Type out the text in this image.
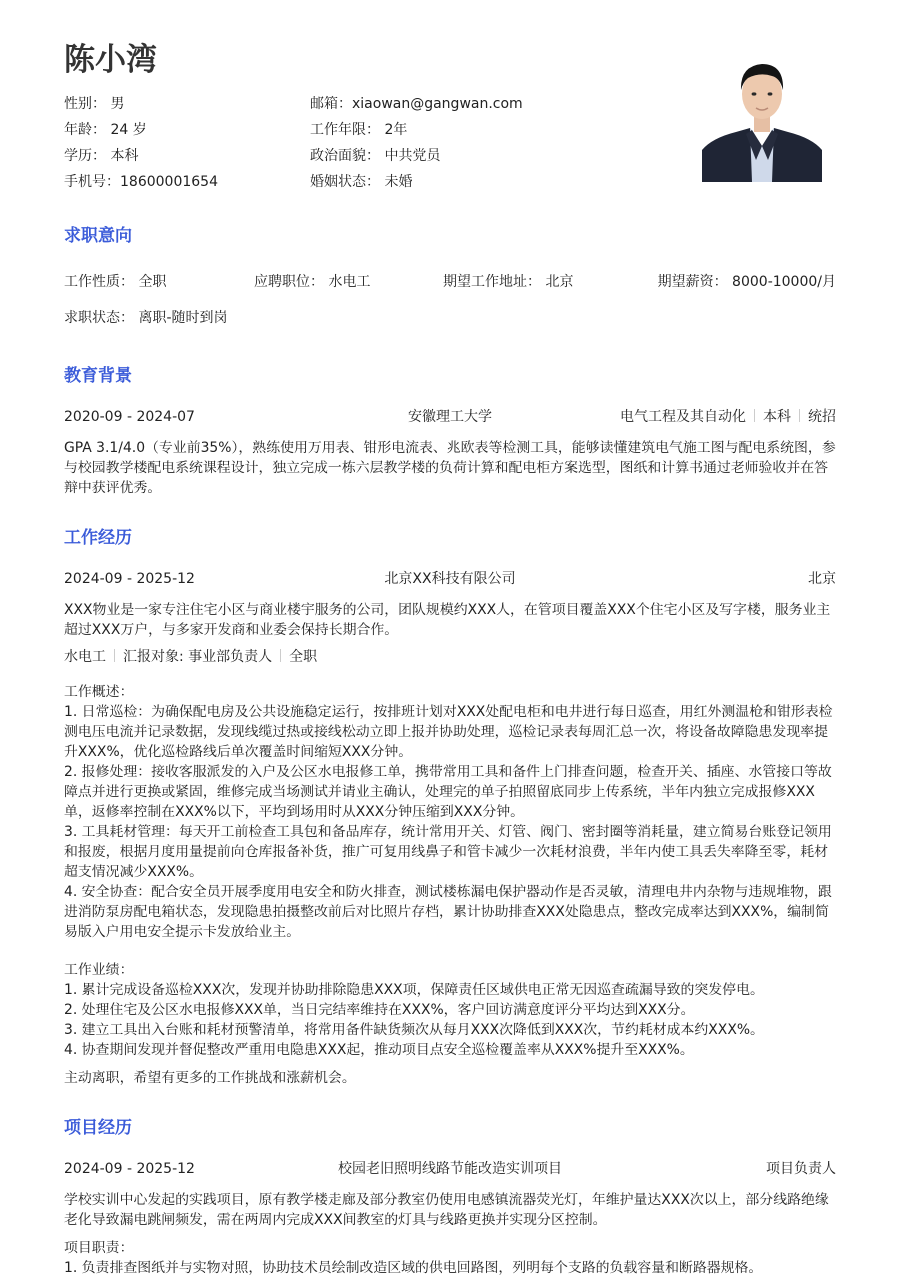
陈小湾
性别： 男	邮箱：xiaowan@gangwan.com
年龄： 24 岁	工作年限： 2年
学历： 本科	政治面貌： 中共党员
手机号：18600001654	婚姻状态： 未婚
求职意向
工作性质： 全职	应聘职位： 水电工	期望工作地址： 北京	期望薪资： 8000-10000/月
求职状态： 离职-随时到岗
教育背景
2020-09 - 2024-07	安徽理工大学	电气工程及其自动化 本科 统招

GPA 3.1/4.0（专业前35%），熟练使用万用表、钳形电流表、兆欧表等检测工具，能够读懂建筑电气施工图与配电系统图，参与校园教学楼配电系统课程设计，独立完成一栋六层教学楼的负荷计算和配电柜方案选型，图纸和计算书通过老师验收并在答辩中获评优秀。

工作经历
2024-09 - 2025-12	北京XX科技有限公司	北京

XXX物业是一家专注住宅小区与商业楼宇服务的公司，团队规模约XXX人，在管项目覆盖XXX个住宅小区及写字楼，服务业主超过XXX万户，与多家开发商和业委会保持长期合作。

水电工 汇报对象: 事业部负责人 全职

工作概述：

1. 日常巡检：为确保配电房及公共设施稳定运行，按排班计划对XXX处配电柜和电井进行每日巡查，用红外测温枪和钳形表检测电压电流并记录数据，发现线缆过热或接线松动立即上报并协助处理，巡检记录表每周汇总一次，将设备故障隐患发现率提升XXX%，优化巡检路线后单次覆盖时间缩短XXX分钟。

2. 报修处理：接收客服派发的入户及公区水电报修工单，携带常用工具和备件上门排查问题，检查开关、插座、水管接口等故障点并进行更换或紧固，维修完成当场测试并请业主确认，处理完的单子拍照留底同步上传系统，半年内独立完成报修XXX单，返修率控制在XXX%以下，平均到场用时从XXX分钟压缩到XXX分钟。

3. 工具耗材管理：每天开工前检查工具包和备品库存，统计常用开关、灯管、阀门、密封圈等消耗量，建立简易台账登记领用和报废，根据月度用量提前向仓库报备补货，推广可复用线鼻子和管卡减少一次耗材浪费，半年内使工具丢失率降至零，耗材超支情况减少XXX%。

4. 安全协查：配合安全员开展季度用电安全和防火排查，测试楼栋漏电保护器动作是否灵敏，清理电井内杂物与违规堆物，跟进消防泵房配电箱状态，发现隐患拍摄整改前后对比照片存档，累计协助排查XXX处隐患点，整改完成率达到XXX%，编制简易版入户用电安全提示卡发放给业主。

工作业绩：

1. 累计完成设备巡检XXX次，发现并协助排除隐患XXX项，保障责任区域供电正常无因巡查疏漏导致的突发停电。

2. 处理住宅及公区水电报修XXX单，当日完结率维持在XXX%，客户回访满意度评分平均达到XXX分。

3. 建立工具出入台账和耗材预警清单，将常用备件缺货频次从每月XXX次降低到XXX次，节约耗材成本约XXX%。

4. 协查期间发现并督促整改严重用电隐患XXX起，推动项目点安全巡检覆盖率从XXX%提升至XXX%。

主动离职，希望有更多的工作挑战和涨薪机会。

项目经历
2024-09 - 2025-12	校园老旧照明线路节能改造实训项目	项目负责人

学校实训中心发起的实践项目，原有教学楼走廊及部分教室仍使用电感镇流器荧光灯，年维护量达XXX次以上，部分线路绝缘老化导致漏电跳闸频发，需在两周内完成XXX间教室的灯具与线路更换并实现分区控制。

项目职责：

1. 负责排查图纸并与实物对照，协助技术员绘制改造区域的供电回路图，列明每个支路的负载容量和断路器规格。
